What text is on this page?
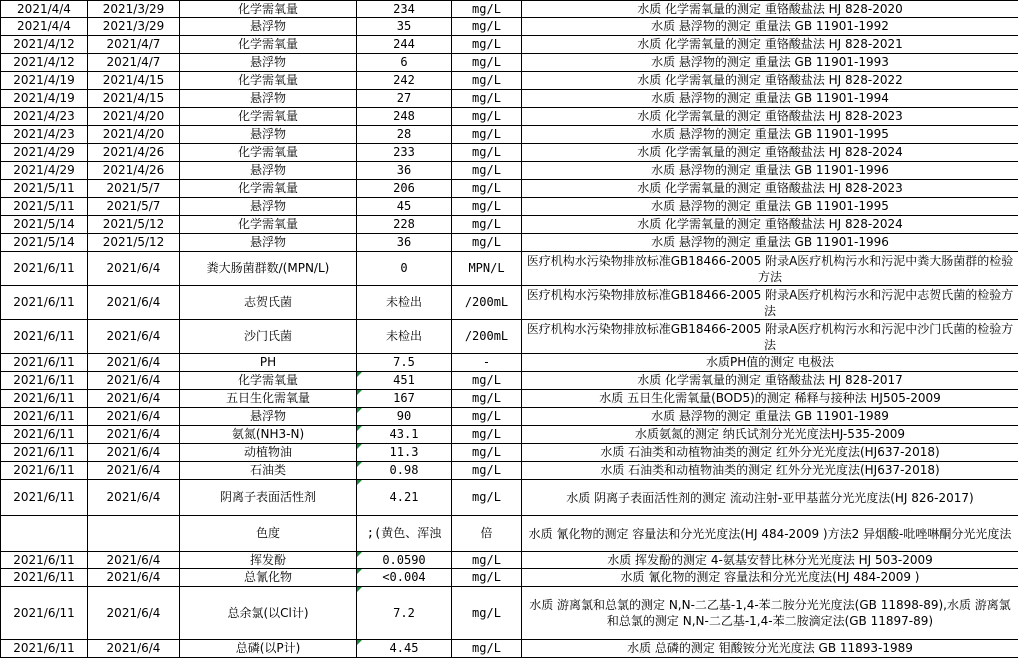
2021/4/4	2021/3/29	化学需氧量	234	mg/L	水质 化学需氧量的测定 重铬酸盐法 HJ 828-2020
2021/4/4	2021/3/29	悬浮物	35	mg/L	水质 悬浮物的测定 重量法 GB 11901-1992
2021/4/12	2021/4/7	化学需氧量	244	mg/L	水质 化学需氧量的测定 重铬酸盐法 HJ 828-2021
2021/4/12	2021/4/7	悬浮物	6	mg/L	水质 悬浮物的测定 重量法 GB 11901-1993
2021/4/19	2021/4/15	化学需氧量	242	mg/L	水质 化学需氧量的测定 重铬酸盐法 HJ 828-2022
2021/4/19	2021/4/15	悬浮物	27	mg/L	水质 悬浮物的测定 重量法 GB 11901-1994
2021/4/23	2021/4/20	化学需氧量	248	mg/L	水质 化学需氧量的测定 重铬酸盐法 HJ 828-2023
2021/4/23	2021/4/20	悬浮物	28	mg/L	水质 悬浮物的测定 重量法 GB 11901-1995
2021/4/29	2021/4/26	化学需氧量	233	mg/L	水质 化学需氧量的测定 重铬酸盐法 HJ 828-2024
2021/4/29	2021/4/26	悬浮物	36	mg/L	水质 悬浮物的测定 重量法 GB 11901-1996
2021/5/11	2021/5/7	化学需氧量	206	mg/L	水质 化学需氧量的测定 重铬酸盐法 HJ 828-2023
2021/5/11	2021/5/7	悬浮物	45	mg/L	水质 悬浮物的测定 重量法 GB 11901-1995
2021/5/14	2021/5/12	化学需氧量	228	mg/L	水质 化学需氧量的测定 重铬酸盐法 HJ 828-2024
2021/5/14	2021/5/12	悬浮物	36	mg/L	水质 悬浮物的测定 重量法 GB 11901-1996
2021/6/11	2021/6/4	粪大肠菌群数/(MPN/L)	0	MPN/L	医疗机构水污染物排放标准GB18466-2005 附录A医疗机构污水和污泥中粪大肠菌群的检验方法
2021/6/11	2021/6/4	志贺氏菌	未检出	/200mL	医疗机构水污染物排放标准GB18466-2005 附录A医疗机构污水和污泥中志贺氏菌的检验方法
2021/6/11	2021/6/4	沙门氏菌	未检出	/200mL	医疗机构水污染物排放标准GB18466-2005 附录A医疗机构污水和污泥中沙门氏菌的检验方法
2021/6/11	2021/6/4	PH	7.5	-	水质PH值的测定 电极法
2021/6/11	2021/6/4	化学需氧量	451	mg/L	水质 化学需氧量的测定 重铬酸盐法 HJ 828-2017
2021/6/11	2021/6/4	五日生化需氧量	167	mg/L	水质 五日生化需氧量(BOD5)的测定 稀释与接种法 HJ505-2009
2021/6/11	2021/6/4	悬浮物	90	mg/L	水质 悬浮物的测定 重量法 GB 11901-1989
2021/6/11	2021/6/4	氨氮(NH3-N)	43.1	mg/L	水质氨氮的测定 纳氏试剂分光光度法HJ-535-2009
2021/6/11	2021/6/4	动植物油	11.3	mg/L	水质 石油类和动植物油类的测定 红外分光光度法(HJ637-2018)
2021/6/11	2021/6/4	石油类	0.98	mg/L	水质 石油类和动植物油类的测定 红外分光光度法(HJ637-2018)
2021/6/11	2021/6/4	阴离子表面活性剂	4.21	mg/L	水质 阴离子表面活性剂的测定 流动注射-亚甲基蓝分光光度法(HJ 826-2017)
		色度	;(黄色、浑浊	倍	水质 氰化物的测定 容量法和分光光度法(HJ 484-2009 )方法2 异烟酸-吡唑啉酮分光光度法
2021/6/11	2021/6/4	挥发酚	0.0590	mg/L	水质 挥发酚的测定 4-氨基安替比林分光光度法 HJ 503-2009
2021/6/11	2021/6/4	总氰化物	<0.004	mg/L	水质 氰化物的测定 容量法和分光光度法(HJ 484-2009 )
2021/6/11	2021/6/4	总余氯(以Cl计)	7.2	mg/L	水质 游离氯和总氯的测定 N,N-二乙基-1,4-苯二胺分光光度法(GB 11898-89),水质 游离氯和总氯的测定 N,N-二乙基-1,4-苯二胺滴定法(GB 11897-89)
2021/6/11	2021/6/4	总磷(以P计)	4.45	mg/L	水质 总磷的测定 钼酸铵分光光度法 GB 11893-1989
